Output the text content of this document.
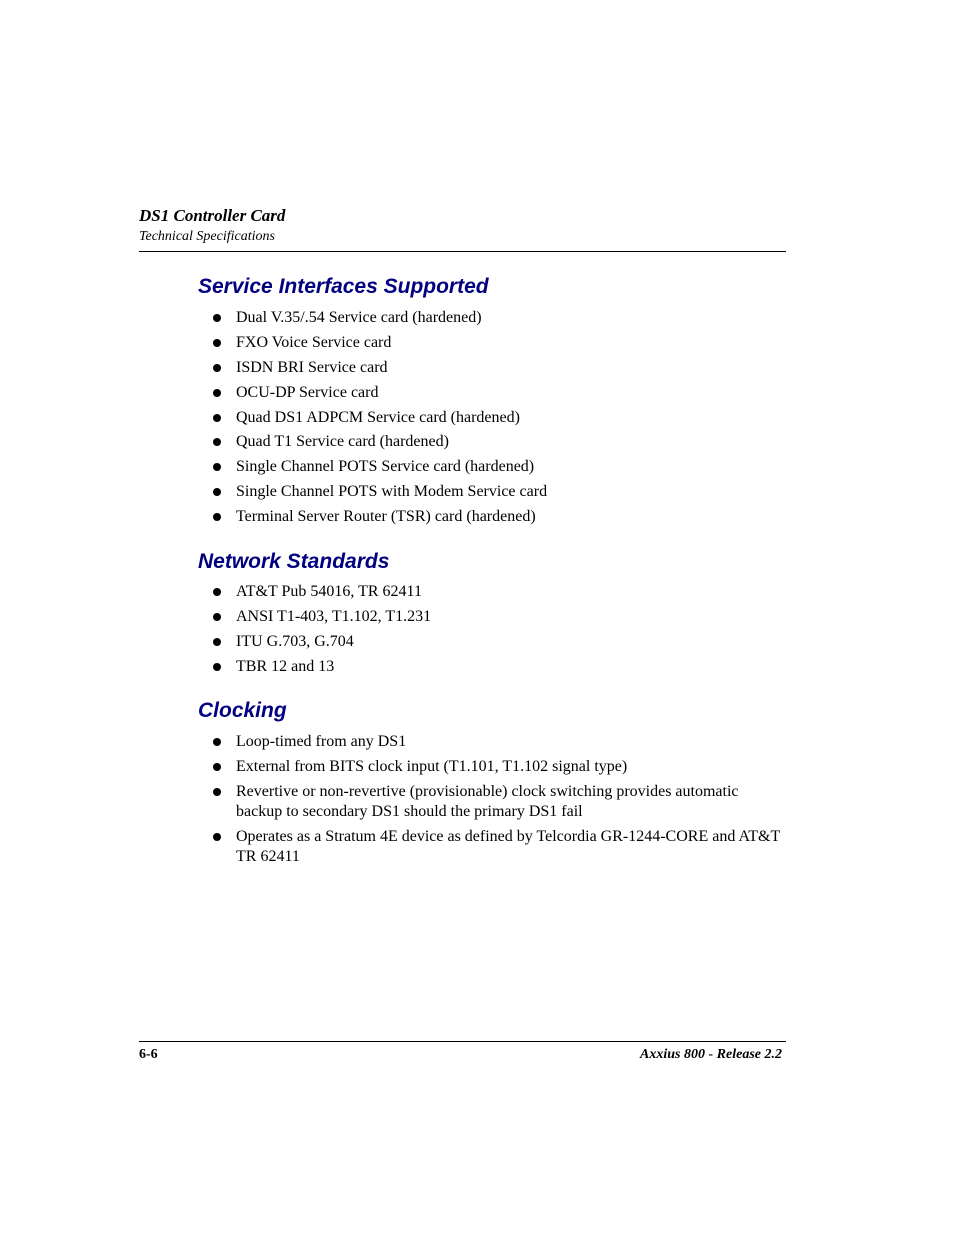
DS1 Controller Card
Technical Specifications
Service Interfaces Supported
Dual V.35/.54 Service card (hardened)
FXO Voice Service card
ISDN BRI Service card
OCU-DP Service card
Quad DS1 ADPCM Service card (hardened)
Quad T1 Service card (hardened)
Single Channel POTS Service card (hardened)
Single Channel POTS with Modem Service card
Terminal Server Router (TSR) card (hardened)
Network Standards
AT&T Pub 54016, TR 62411
ANSI T1-403, T1.102, T1.231
ITU G.703, G.704
TBR 12 and 13
Clocking
Loop-timed from any DS1
External from BITS clock input (T1.101, T1.102 signal type)
Revertive or non-revertive (provisionable) clock switching provides automatic backup to secondary DS1 should the primary DS1 fail
Operates as a Stratum 4E device as defined by Telcordia GR-1244-CORE and AT&T TR 62411
6-6	Axxius 800 - Release 2.2
